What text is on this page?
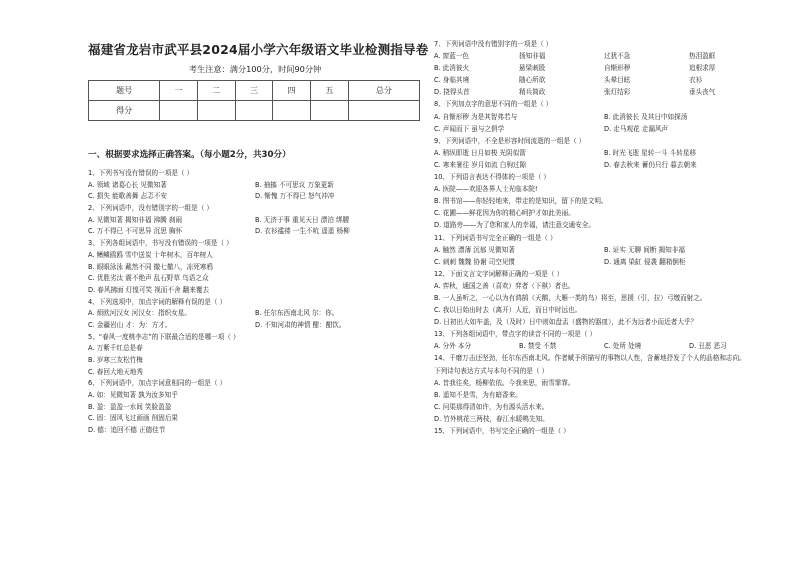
福建省龙岩市武平县2024届小学六年级语文毕业检测指导卷
考生注意：满分100分，时间90分钟
题号	一	二	三	四	五	总分
得分						
一、根据要求选择正确答案。（每小题2分，共30分）
1、下列书写没有错误的一项是（ ）
A. 领域 诸葛心长 见微知著	B. 抽搐 不可思议 万象更新
C. 损失 能歌善舞 忐忑不安	D. 惭愧 万不得已 怒气冲冲
2、下列词语中，没有错别字的一组是（ ）
A. 见微知著 揭知非福 沸腾 刹闹	B. 无济于事 重见天日 漂泊 绑腰
C. 万不得已 不可思异 沉思 胸怀	D. 衣衫褴褛 一生不吭 遥遥 杨柳
3、下列各组词语中，书写没有错误的一项是（ ）
A. 鳍鳞鸥鸥 雪中送炭 十年树木，百年树人
B. 眼眼泳泳 戴然不同 撤七撤八，冻死寒鸦
C. 优胜劣汰 震不绝声 乱石野草 鸟语之众
D. 春风拂面 灯惶可笑 视而不舍 翻来覆去
4、下列选项中，加点字词的解释有误的是（ ）
A. 烦欧河汉女 河汉女：指织女星。	B. 任尔东西南北风 尔：你。
C. 金疆岩山 才：为：方才。	D. 不知河肃的神情 酣：酣饮。
5、“春风一度桃李志”的下联最合适的是哪一项（ ）
A. 万紫千红总是春
B. 岁寒三友松竹梅
C. 春回大地天地秀
6、下列词语中，加点字词意相同的一组是（ ）
A. 如：见微知著 孰为汝多知乎
B. 盈：盈盈一水间 笑脸盈盈
C. 固：固风飞过画画 削固后果
D. 德：追回不德 正德佳节
7、下列词语中没有错别字的一项是（ ）
A. 窗蓝一色	扬知非福	过犹不急	热泪盈眶
B. 此消彼火	悬梁刺股	自惭形秽	追根求厚
C. 身临其境	随心所欲	头晕目眩	衣衫
D. 挠得头首	精兵简政	张灯结彩	垂头丧气
8、下列加点字的意思不同的一组是（ ）
A. 自惭形秽 为是其智弗若与	B. 此消彼长 及其日中如探汤
C. 声闻而下 虽与之俱学	D. 走马观花 走漏风声
9、下列词语中，不全是形容时间流逝的一组是（ ）
A. 稍纵即逝 日月如梭 光阴似箭	B. 时光飞逝 星转一斗 斗转星移
C. 寒来暑往 岁月如流 白驹过隙	D. 春去秋来 蓄仍只行 暮去朝来
10、下列语言表达不得体的一项是（ ）
A. 医院——欢迎各界人士光临本院!
B. 图书馆——你轻轻地来，带走的是知识，留下的是文明。
C. 花圃——鲜花因为你的精心呵护才如此美丽。
D. 道路旁——为了您和家人的幸福，请注意交通安全。
11、下列词语书写完全正确的一组是（ ）
A. 触然 漂薄 沉郁 见微知著	B. 证实 无聊 间断 揭知非福
C. 刺刺 魏魏 协谢 司空见惯	D. 通离 染缸 侵袭 翻箱倒柜
12、下面文言文字词解释正确的一项是（ ）
A. 弈秋，通国之善（喜欢）弈者（下棋）者也。
B. 一人虽听之，一心以为有鸿鹄（天鹅，大雁一类的鸟）将至，思援（引，拉）弓缴而射之。
C. 我以日始出时去（离开）人近，而日中时远也。
D. 日初出大如车盖，及（及时）日中则如盘盂（盛物的器皿），此不为远者小而近者大乎？
13、下列各组词语中，带点字的读音不同的一项是（ ）
A. 分外 本分	B. 禁受 不禁	C. 处所 处境	D. 丑恶 恶习
14、千磨万击还坚劲，任尔东西南北风。作者赋予所描写的事物以人性，含蓄地抒发了个人的品格和志向。
下列诗句表达方式与本句不同的是（ ）
A. 昔我往矣，杨柳依依。今我来思，雨雪霏霏。
B. 遥知不是雪，为有暗香来。
C. 问渠那得清如许，为有源头活水来。
D. 竹外桃花三两枝，春江水暖鸭先知。
15、下列词语中，书写完全正确的一组是（ ）
